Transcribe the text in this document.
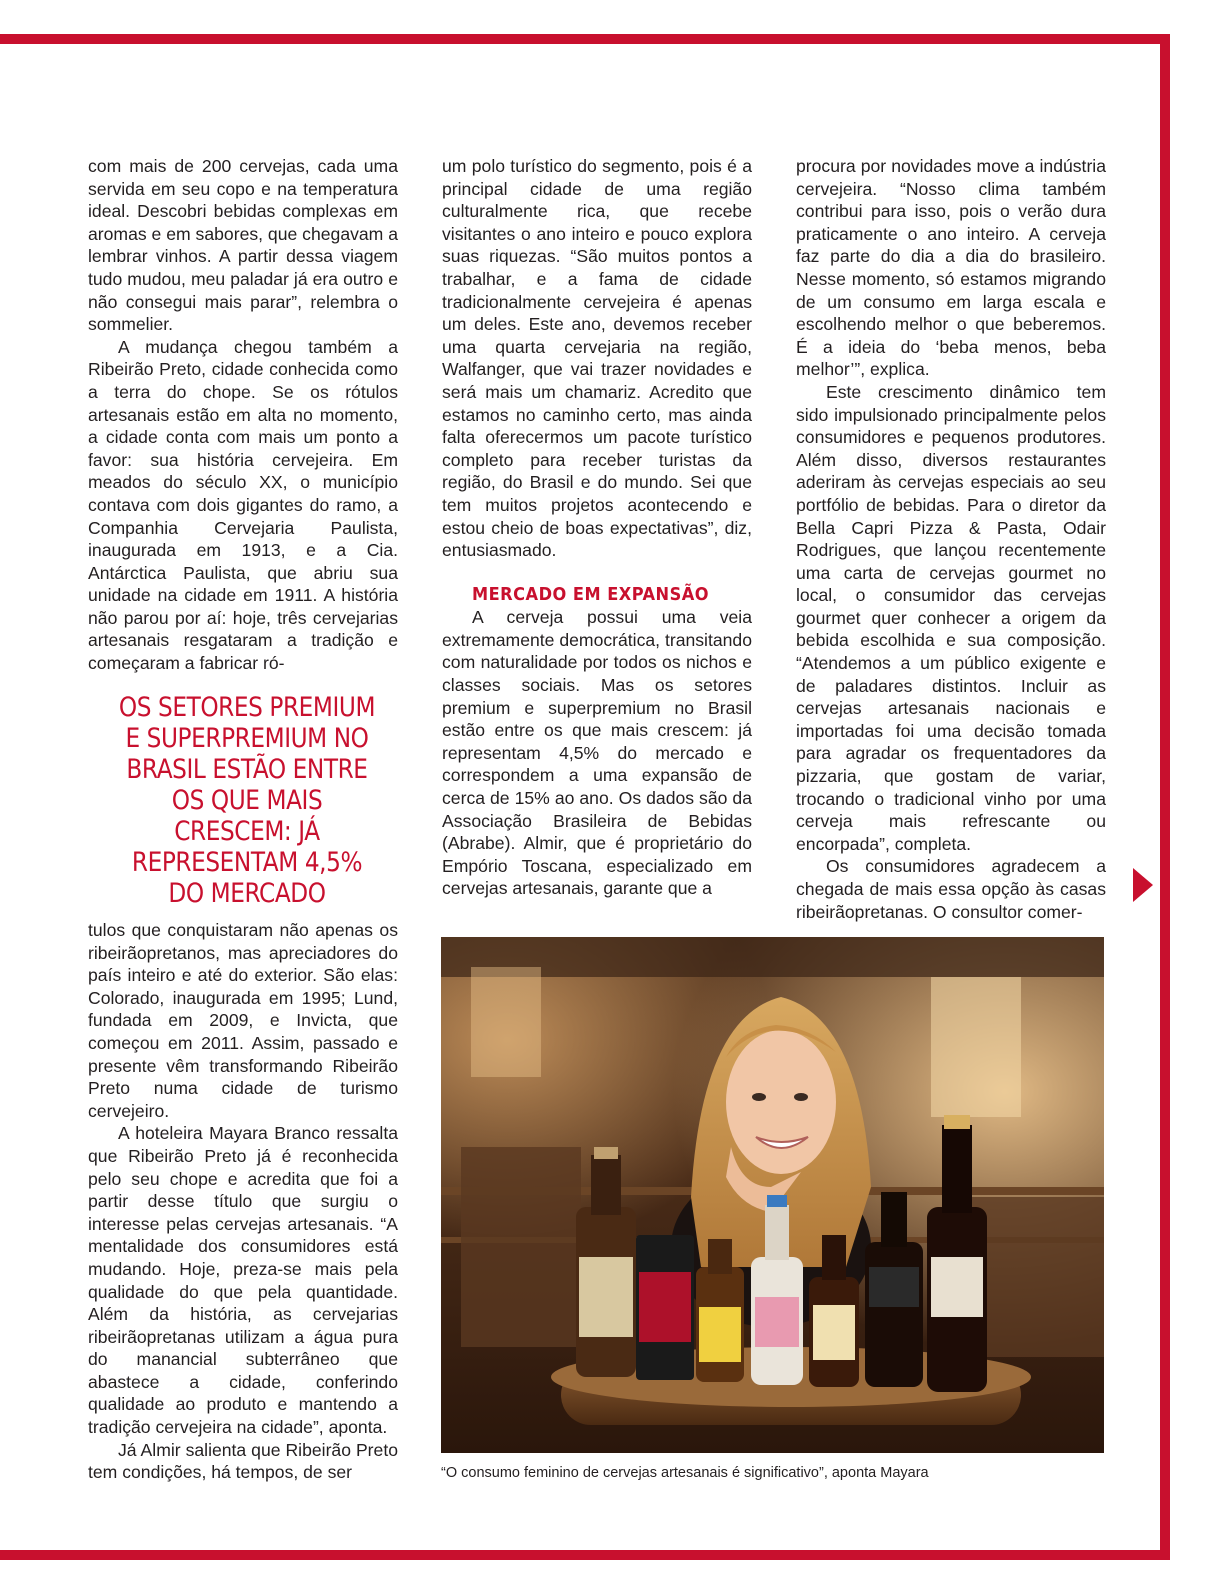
com mais de 200 cervejas, cada uma servida em seu copo e na temperatura ideal. Descobri bebidas complexas em aromas e em sabores, que chegavam a lembrar vinhos. A partir dessa viagem tudo mudou, meu paladar já era outro e não consegui mais parar”, relembra o sommelier.

A mudança chegou também a Ribeirão Preto, cidade conhecida como a terra do chope. Se os rótulos artesanais estão em alta no momento, a cidade conta com mais um ponto a favor: sua história cervejeira. Em meados do século XX, o município contava com dois gigantes do ramo, a Companhia Cervejaria Paulista, inaugurada em 1913, e a Cia. Antárctica Paulista, que abriu sua unidade na cidade em 1911. A história não parou por aí: hoje, três cervejarias artesanais resgataram a tradição e começaram a fabricar ró-

OS SETORES PREMIUM E SUPERPREMIUM NO BRASIL ESTÃO ENTRE OS QUE MAIS CRESCEM: JÁ REPRESENTAM 4,5% DO MERCADO

tulos que conquistaram não apenas os ribeirãopretanos, mas apreciadores do país inteiro e até do exterior. São elas: Colorado, inaugurada em 1995; Lund, fundada em 2009, e Invicta, que começou em 2011. Assim, passado e presente vêm transformando Ribeirão Preto numa cidade de turismo cervejeiro.

A hoteleira Mayara Branco ressalta que Ribeirão Preto já é reconhecida pelo seu chope e acredita que foi a partir desse título que surgiu o interesse pelas cervejas artesanais. “A mentalidade dos consumidores está mudando. Hoje, preza-se mais pela qualidade do que pela quantidade. Além da história, as cervejarias ribeirãopretanas utilizam a água pura do manancial subterrâneo que abastece a cidade, conferindo qualidade ao produto e mantendo a tradição cervejeira na cidade”, aponta.

Já Almir salienta que Ribeirão Preto tem condições, há tempos, de ser

um polo turístico do segmento, pois é a principal cidade de uma região culturalmente rica, que recebe visitantes o ano inteiro e pouco explora suas riquezas. “São muitos pontos a trabalhar, e a fama de cidade tradicionalmente cervejeira é apenas um deles. Este ano, devemos receber uma quarta cervejaria na região, Walfanger, que vai trazer novidades e será mais um chamariz. Acredito que estamos no caminho certo, mas ainda falta oferecermos um pacote turístico completo para receber turistas da região, do Brasil e do mundo. Sei que tem muitos projetos acontecendo e estou cheio de boas expectativas”, diz, entusiasmado.

MERCADO EM EXPANSÃO

A cerveja possui uma veia extremamente democrática, transitando com naturalidade por todos os nichos e classes sociais. Mas os setores premium e superpremium no Brasil estão entre os que mais crescem: já representam 4,5% do mercado e correspondem a uma expansão de cerca de 15% ao ano. Os dados são da Associação Brasileira de Bebidas (Abrabe). Almir, que é proprietário do Empório Toscana, especializado em cervejas artesanais, garante que a

procura por novidades move a indústria cervejeira. “Nosso clima também contribui para isso, pois o verão dura praticamente o ano inteiro. A cerveja faz parte do dia a dia do brasileiro. Nesse momento, só estamos migrando de um consumo em larga escala e escolhendo melhor o que beberemos. É a ideia do ‘beba menos, beba melhor’”, explica.

Este crescimento dinâmico tem sido impulsionado principalmente pelos consumidores e pequenos produtores. Além disso, diversos restaurantes aderiram às cervejas especiais ao seu portfólio de bebidas. Para o diretor da Bella Capri Pizza & Pasta, Odair Rodrigues, que lançou recentemente uma carta de cervejas gourmet no local, o consumidor das cervejas gourmet quer conhecer a origem da bebida escolhida e sua composição. “Atendemos a um público exigente e de paladares distintos. Incluir as cervejas artesanais nacionais e importadas foi uma decisão tomada para agradar os frequentadores da pizzaria, que gostam de variar, trocando o tradicional vinho por uma cerveja mais refrescante ou encorpada”, completa.

Os consumidores agradecem a chegada de mais essa opção às casas ribeirãopretanas. O consultor comer-

“O consumo feminino de cervejas artesanais é significativo”, aponta Mayara
